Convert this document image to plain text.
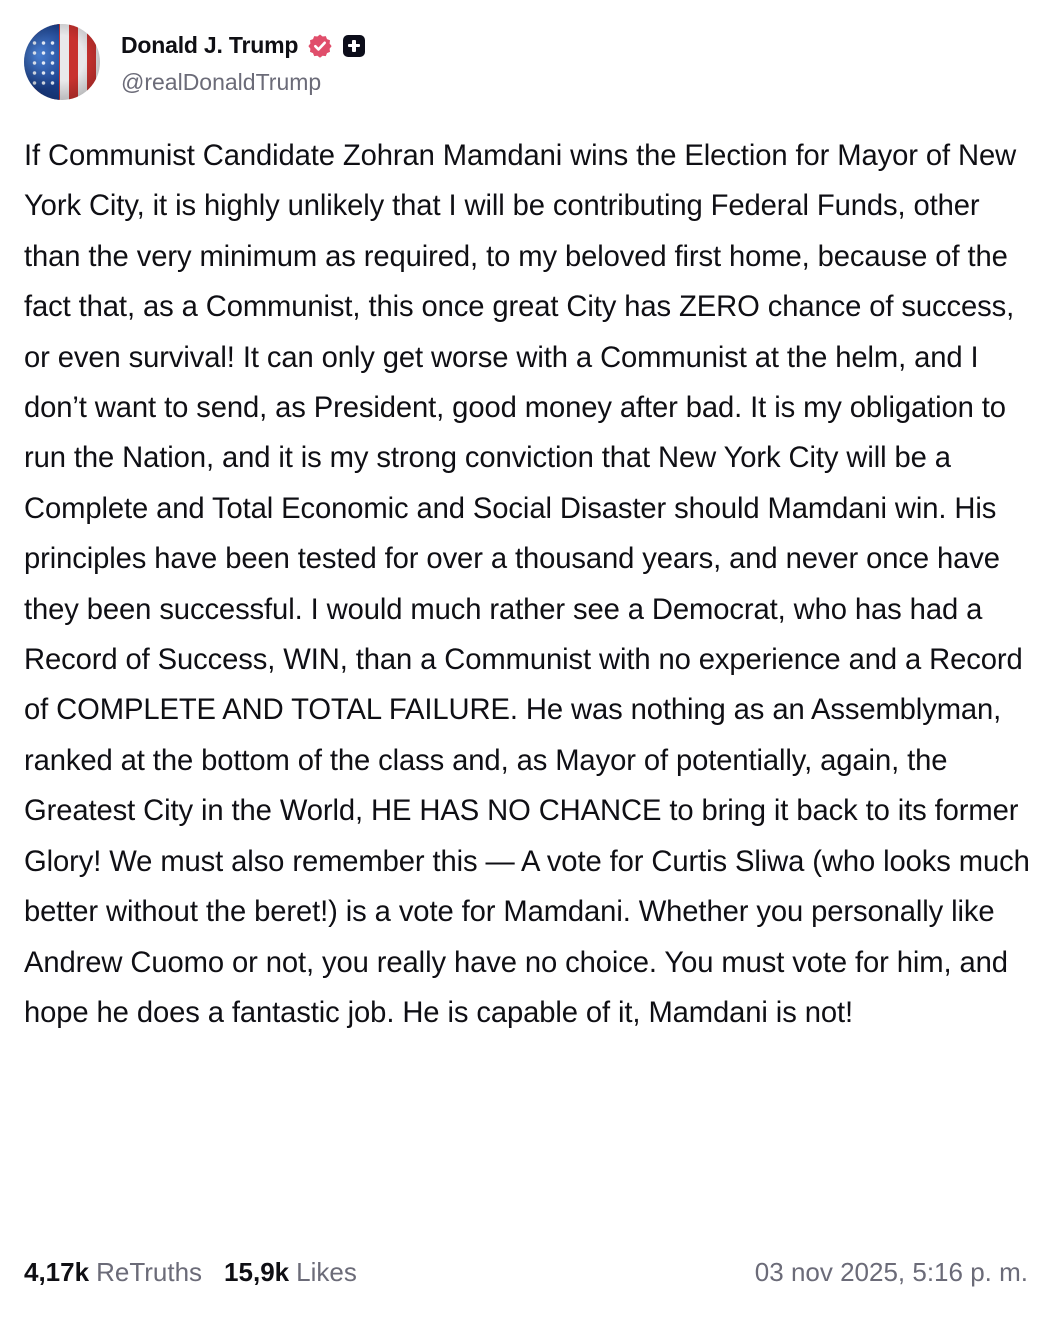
Donald J. Trump
@realDonaldTrump
If Communist Candidate Zohran Mamdani wins the Election for Mayor of New York City, it is highly unlikely that I will be contributing Federal Funds, other than the very minimum as required, to my beloved first home, because of the fact that, as a Communist, this once great City has ZERO chance of success, or even survival! It can only get worse with a Communist at the helm, and I don’t want to send, as President, good money after bad. It is my obligation to run the Nation, and it is my strong conviction that New York City will be a Complete and Total Economic and Social Disaster should Mamdani win. His principles have been tested for over a thousand years, and never once have they been successful. I would much rather see a Democrat, who has had a Record of Success, WIN, than a Communist with no experience and a Record of COMPLETE AND TOTAL FAILURE. He was nothing as an Assemblyman, ranked at the bottom of the class and, as Mayor of potentially, again, the Greatest City in the World, HE HAS NO CHANCE to bring it back to its former Glory! We must also remember this — A vote for Curtis Sliwa (who looks much better without the beret!) is a vote for Mamdani. Whether you personally like Andrew Cuomo or not, you really have no choice. You must vote for him, and hope he does a fantastic job. He is capable of it, Mamdani is not!
4,17k ReTruths 15,9k Likes	03 nov 2025, 5:16 p. m.
